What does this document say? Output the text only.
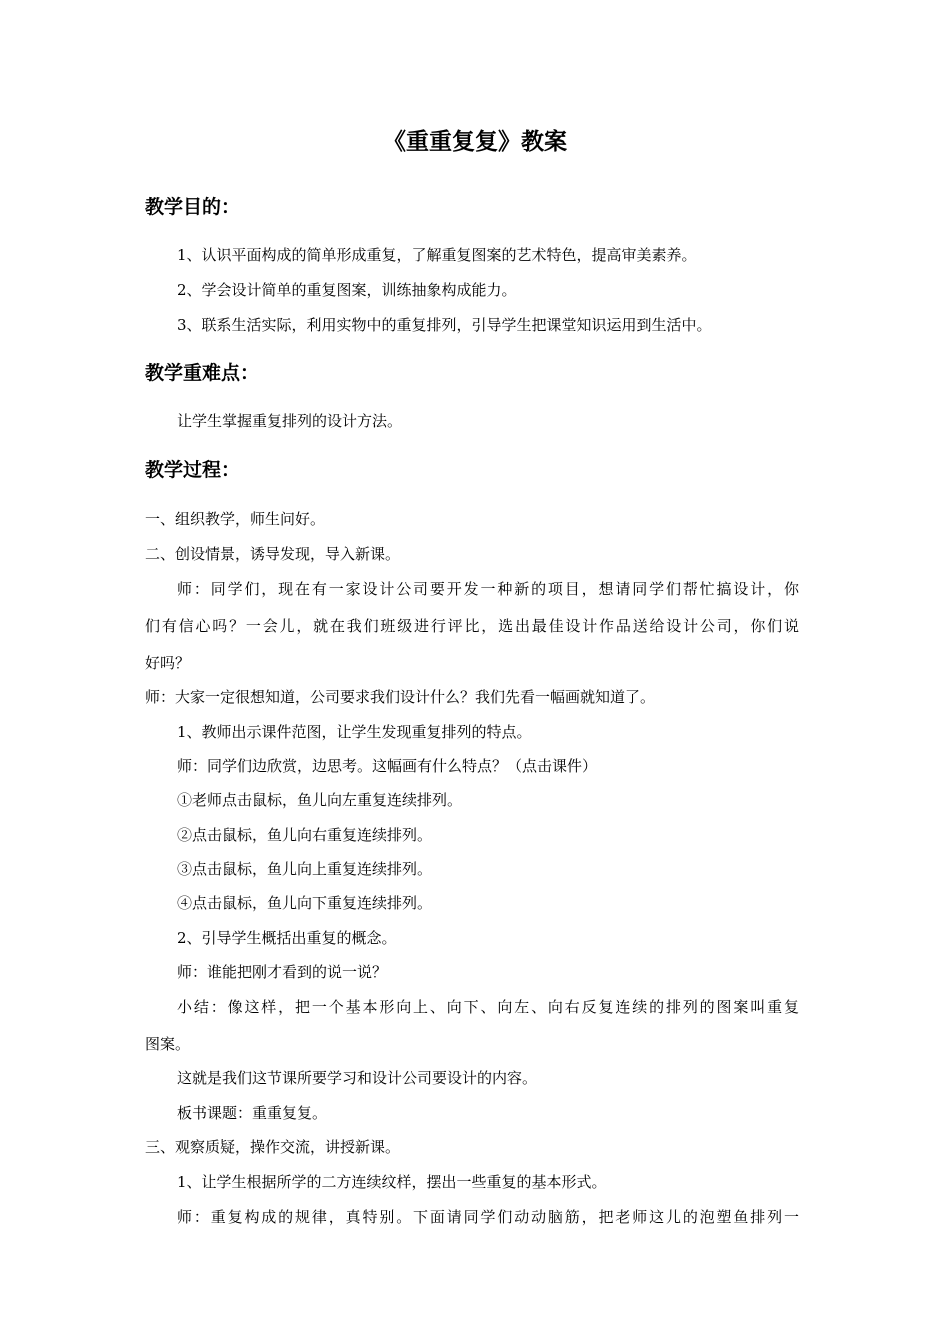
《重重复复》教案
教学目的：
1、认识平面构成的简单形成重复，了解重复图案的艺术特色，提高审美素养。
2、学会设计简单的重复图案，训练抽象构成能力。
3、联系生活实际，利用实物中的重复排列，引导学生把课堂知识运用到生活中。
教学重难点：
让学生掌握重复排列的设计方法。
教学过程：
一、组织教学，师生问好。
二、创设情景，诱导发现，导入新课。
师：同学们，现在有一家设计公司要开发一种新的项目，想请同学们帮忙搞设计，你
们有信心吗？一会儿，就在我们班级进行评比，选出最佳设计作品送给设计公司，你们说
好吗？
师：大家一定很想知道，公司要求我们设计什么？我们先看一幅画就知道了。
1、教师出示课件范图，让学生发现重复排列的特点。
师：同学们边欣赏，边思考。这幅画有什么特点？（点击课件）
①老师点击鼠标，鱼儿向左重复连续排列。
②点击鼠标，鱼儿向右重复连续排列。
③点击鼠标，鱼儿向上重复连续排列。
④点击鼠标，鱼儿向下重复连续排列。
2、引导学生概括出重复的概念。
师：谁能把刚才看到的说一说？
小结：像这样，把一个基本形向上、向下、向左、向右反复连续的排列的图案叫重复
图案。
这就是我们这节课所要学习和设计公司要设计的内容。
板书课题：重重复复。
三、观察质疑，操作交流，讲授新课。
1、让学生根据所学的二方连续纹样，摆出一些重复的基本形式。
师：重复构成的规律，真特别。下面请同学们动动脑筋，把老师这儿的泡塑鱼排列一
